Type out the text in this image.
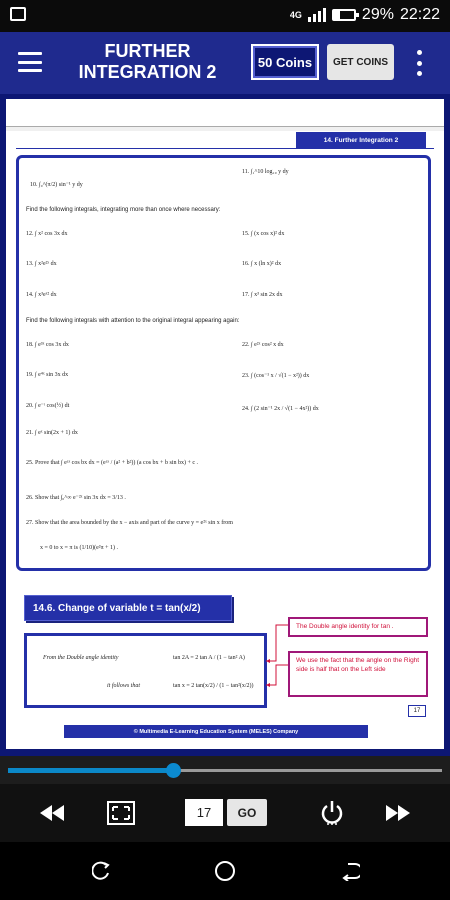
4G	29% 22:22
FURTHER INTEGRATION 2	50 Coins	GET COINS
14. Further Integration 2
10. ∫₀^(π/2) sin⁻¹ y dy
11. ∫₁^10 log₁₀ y dy
Find the following integrals, integrating more than once where necessary:
12. ∫ x² cos 3x dx	15. ∫ (x cos x)² dx
13. ∫ x²e²ˣ dx	16. ∫ x (ln x)² dx
14. ∫ x³eˣ² dx	17. ∫ x³ sin 2x dx
Find the following integrals with attention to the original integral appearing again:
18. ∫ e³ˣ cos 3x dx	22. ∫ e²ˣ cos² x dx
19. ∫ e⁴ˣ sin 3x dx	23. ∫ (cos⁻¹ x / √(1 − x²)) dx
20. ∫ e⁻ᵗ cos(½) dt	24. ∫ (2 sin⁻¹ 2x / √(1 − 4x²)) dx
21. ∫ eˣ sin(2x + 1) dx
25. Prove that ∫ eᵃˣ cos bx dx = (eᵃˣ / (a² + b²)) (a cos bx + b sin bx) + c .
26. Show that ∫₀^∞ e⁻²ˣ sin 3x dx = 3/13 .
27. Show that the area bounded by the x − axis and part of the curve y = e²ˣ sin x from
x = 0 to x = π is (1/10)(e²π + 1) .
14.6. Change of variable t = tan(x/2)
From the Double angle identity	tan 2A = 2 tan A / (1 − tan² A)
it follows that	tan x = 2 tan(x/2) / (1 − tan²(x/2))
The Double angle identity for tan .
We use the fact that the angle on the Right side is half that on the Left side
17
© Multimedia E-Learning Education System (MELES) Company
17	GO
